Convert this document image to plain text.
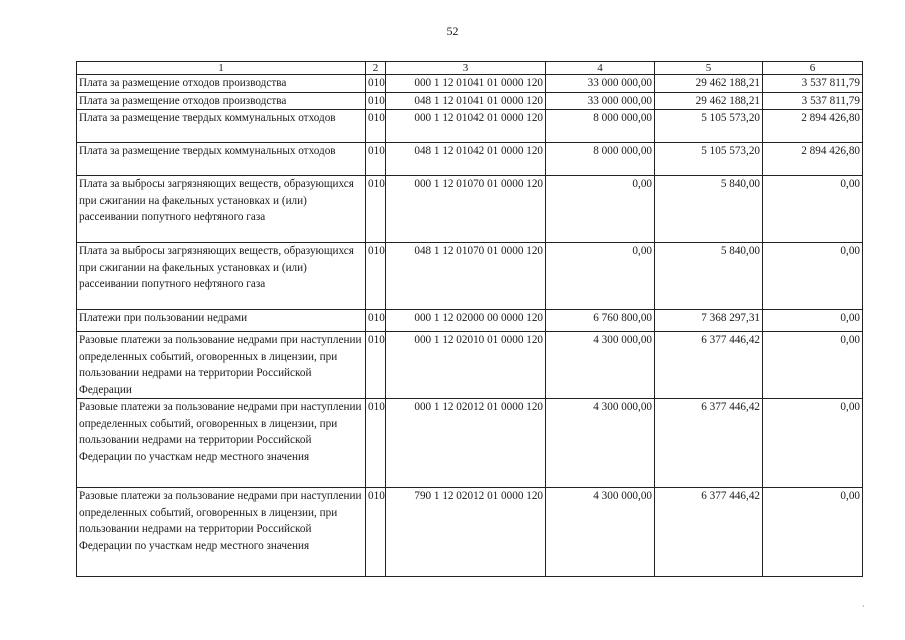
52
1	2	3	4	5	6
Плата за размещение отходов производства	010	000 1 12 01041 01 0000 120	33 000 000,00	29 462 188,21	3 537 811,79
Плата за размещение отходов производства	010	048 1 12 01041 01 0000 120	33 000 000,00	29 462 188,21	3 537 811,79
Плата за размещение твердых коммунальных отходов	010	000 1 12 01042 01 0000 120	8 000 000,00	5 105 573,20	2 894 426,80
Плата за размещение твердых коммунальных отходов	010	048 1 12 01042 01 0000 120	8 000 000,00	5 105 573,20	2 894 426,80
Плата за выбросы загрязняющих веществ, образующихся при сжигании на факельных установках и (или) рассеивании попутного нефтяного газа	010	000 1 12 01070 01 0000 120	0,00	5 840,00	0,00
Плата за выбросы загрязняющих веществ, образующихся при сжигании на факельных установках и (или) рассеивании попутного нефтяного газа	010	048 1 12 01070 01 0000 120	0,00	5 840,00	0,00
Платежи при пользовании недрами	010	000 1 12 02000 00 0000 120	6 760 800,00	7 368 297,31	0,00
Разовые платежи за пользование недрами при наступлении определенных событий, оговоренных в лицензии, при пользовании недрами на территории Российской Федерации	010	000 1 12 02010 01 0000 120	4 300 000,00	6 377 446,42	0,00
Разовые платежи за пользование недрами при наступлении определенных событий, оговоренных в лицензии, при пользовании недрами на территории Российской Федерации по участкам недр местного значения	010	000 1 12 02012 01 0000 120	4 300 000,00	6 377 446,42	0,00
Разовые платежи за пользование недрами при наступлении определенных событий, оговоренных в лицензии, при пользовании недрами на территории Российской Федерации по участкам недр местного значения	010	790 1 12 02012 01 0000 120	4 300 000,00	6 377 446,42	0,00
·
